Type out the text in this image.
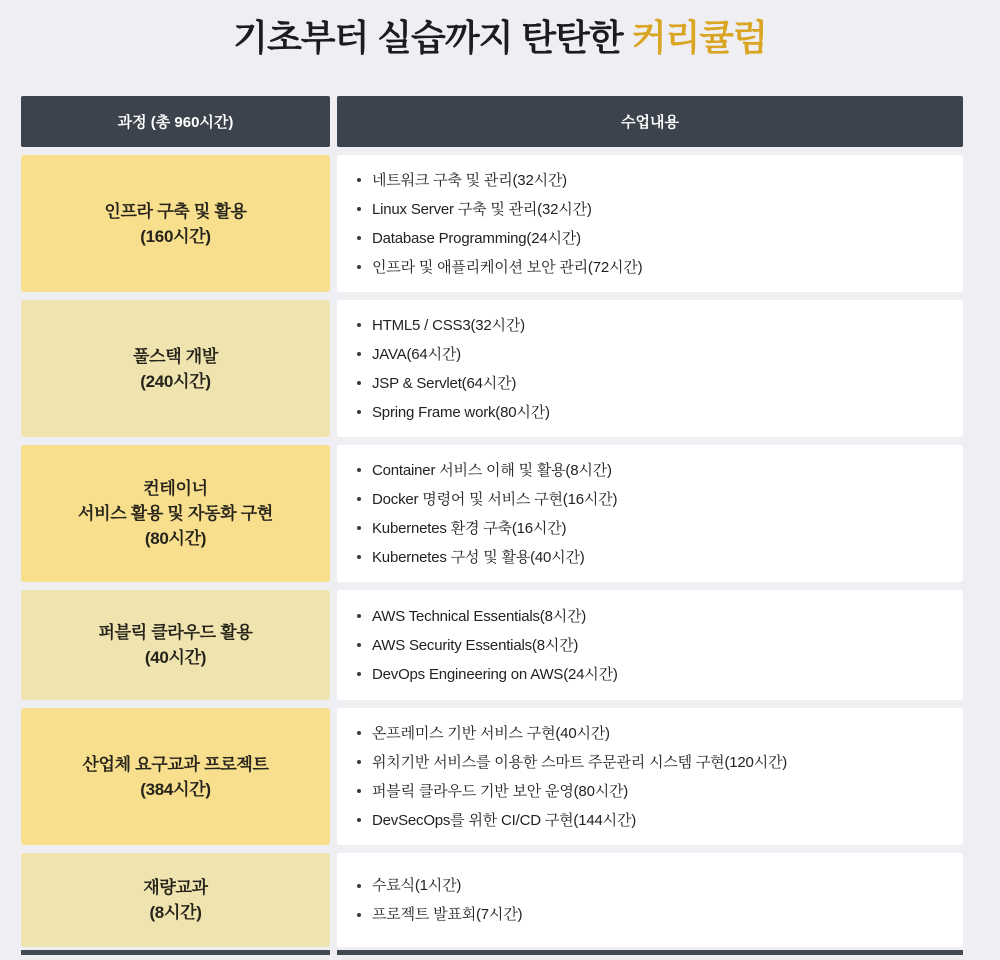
기초부터 실습까지 탄탄한 커리큘럼
과정 (총 960시간)	수업내용
인프라 구축 및 활용
(160시간)
네트워크 구축 및 관리(32시간)
Linux Server 구축 및 관리(32시간)
Database Programming(24시간)
인프라 및 애플리케이션 보안 관리(72시간)
풀스택 개발
(240시간)
HTML5 / CSS3(32시간)
JAVA(64시간)
JSP & Servlet(64시간)
Spring Frame work(80시간)
컨테이너
서비스 활용 및 자동화 구현
(80시간)
Container 서비스 이해 및 활용(8시간)
Docker 명령어 및 서비스 구현(16시간)
Kubernetes 환경 구축(16시간)
Kubernetes 구성 및 활용(40시간)
퍼블릭 클라우드 활용
(40시간)
AWS Technical Essentials(8시간)
AWS Security Essentials(8시간)
DevOps Engineering on AWS(24시간)
산업체 요구교과 프로젝트
(384시간)
온프레미스 기반 서비스 구현(40시간)
위치기반 서비스를 이용한 스마트 주문관리 시스템 구현(120시간)
퍼블릭 클라우드 기반 보안 운영(80시간)
DevSecOps를 위한 CI/CD 구현(144시간)
재량교과
(8시간)
수료식(1시간)
프로젝트 발표회(7시간)
